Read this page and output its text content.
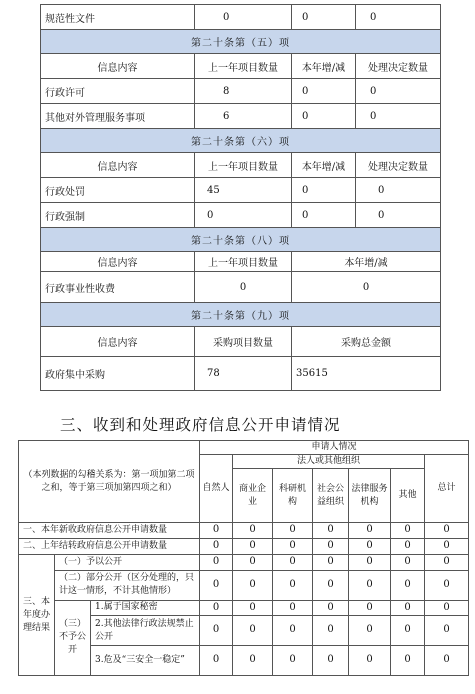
规范性文件	0	0	0
第二十条第（五）项			
信息内容	上一年项目数量	本年增/减	处理决定数量
行政许可	8	0	0
其他对外管理服务事项	6	0	0
第二十条第（六）项			
信息内容	上一年项目数量	本年增/减	处理决定数量
行政处罚	45	0	0
行政强制	0	0	0
第二十条第（八）项			
信息内容	上一年项目数量	本年增/减	
行政事业性收费	0	0	
第二十条第（九）项			
信息内容	采购项目数量	采购总金额	
政府集中采购	78	35615	
三、收到和处理政府信息公开申请情况
（本列数据的勾稽关系为：第一项加第二项之和，等于第三项加第四项之和）			申请人情况						
			自然人	法人或其他组织					总计
				商业企业	科研机构	社会公益组织	法律服务机构	其他	
一、本年新收政府信息公开申请数量			0	0	0	0	0	0	0
二、上年结转政府信息公开申请数量			0	0	0	0	0	0	0
三、本年度办理结果	（一）予以公开		0	0	0	0	0	0	0
	（二）部分公开（区分处理的，只计这一情形，不计其他情形）		0	0	0	0	0	0	0
	（三）不予公开	1.属于国家秘密	0	0	0	0	0	0	0
		2.其他法律行政法规禁止公开	0	0	0	0	0	0	0
		3.危及“三安全一稳定”	0	0	0	0	0	0	0
